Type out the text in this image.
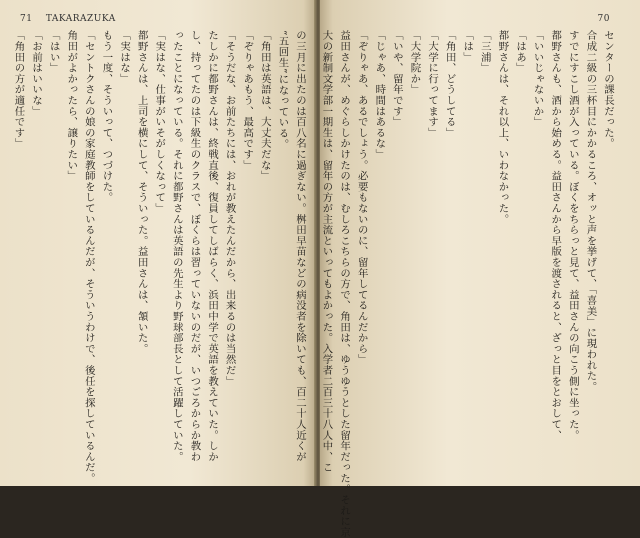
71 TAKARAZUKA	70
の三月に出たのは百八名に過ぎない。桝田早苗などの病没者を除いても、百二十人近くが
“五回生”になっている。
「角田は英語は、大丈夫だな」
「ぞりゃあもう、最高です」
「そうだな、お前たちには、おれが教えたんだから、出来るのは当然だ」
たしかに都野さんは、終戦直後、復員してしばらく、浜田中学で英語を教えていた。しか
し、持ってたのは下級生のクラスで、ぼくらは習っていないのだが、いつごろからか教わ
ったことになっている。それに都野さんは英語の先生より野球部長として活躍していた。
「実はな、仕事がいそがしくなって」
都野さんは、上司を横にして、そういった。益田さんは、頷いた。
「実はな」
もう一度、そういって、つづけた。
「セントクさんの娘の家庭教師をしているんだが、そういうわけで、後任を探しているんだ。
角田がよかったら、譲りたい」
「はい」
「お前はいいな」
「角田の方が適任です」	センターの課長だった。
合成二級の三杯目にかかるころ、オッと声を挙げて、「喜美」に現われた。
すでにすこし酒が入っている。ぼくをちらっと見て、益田さんの向こう側に坐った。
都野さんも、酒から始める。益田さんから早版を渡されると、ざっと目をとおして、
「いいじゃないか」
「はあ」
都野さんは、それ以上、いわなかった。
「三浦」
「は」
「角田、どうしてる」
「大学に行ってます」
「大学院か」
「いや、留年です」
「じゃあ、時間はあるな」
「ぞりゃあ、あるでしょう。必要もないのに、留年してるんだから」
益田さんが、めぐらしかけたのは、むしろこちらの方で、角田は、ゆうゆうとした留年だった。それに京
大の新制文学部一期生は、留年の方が主流といってもよかった。入学者二百三十八人中、こ
